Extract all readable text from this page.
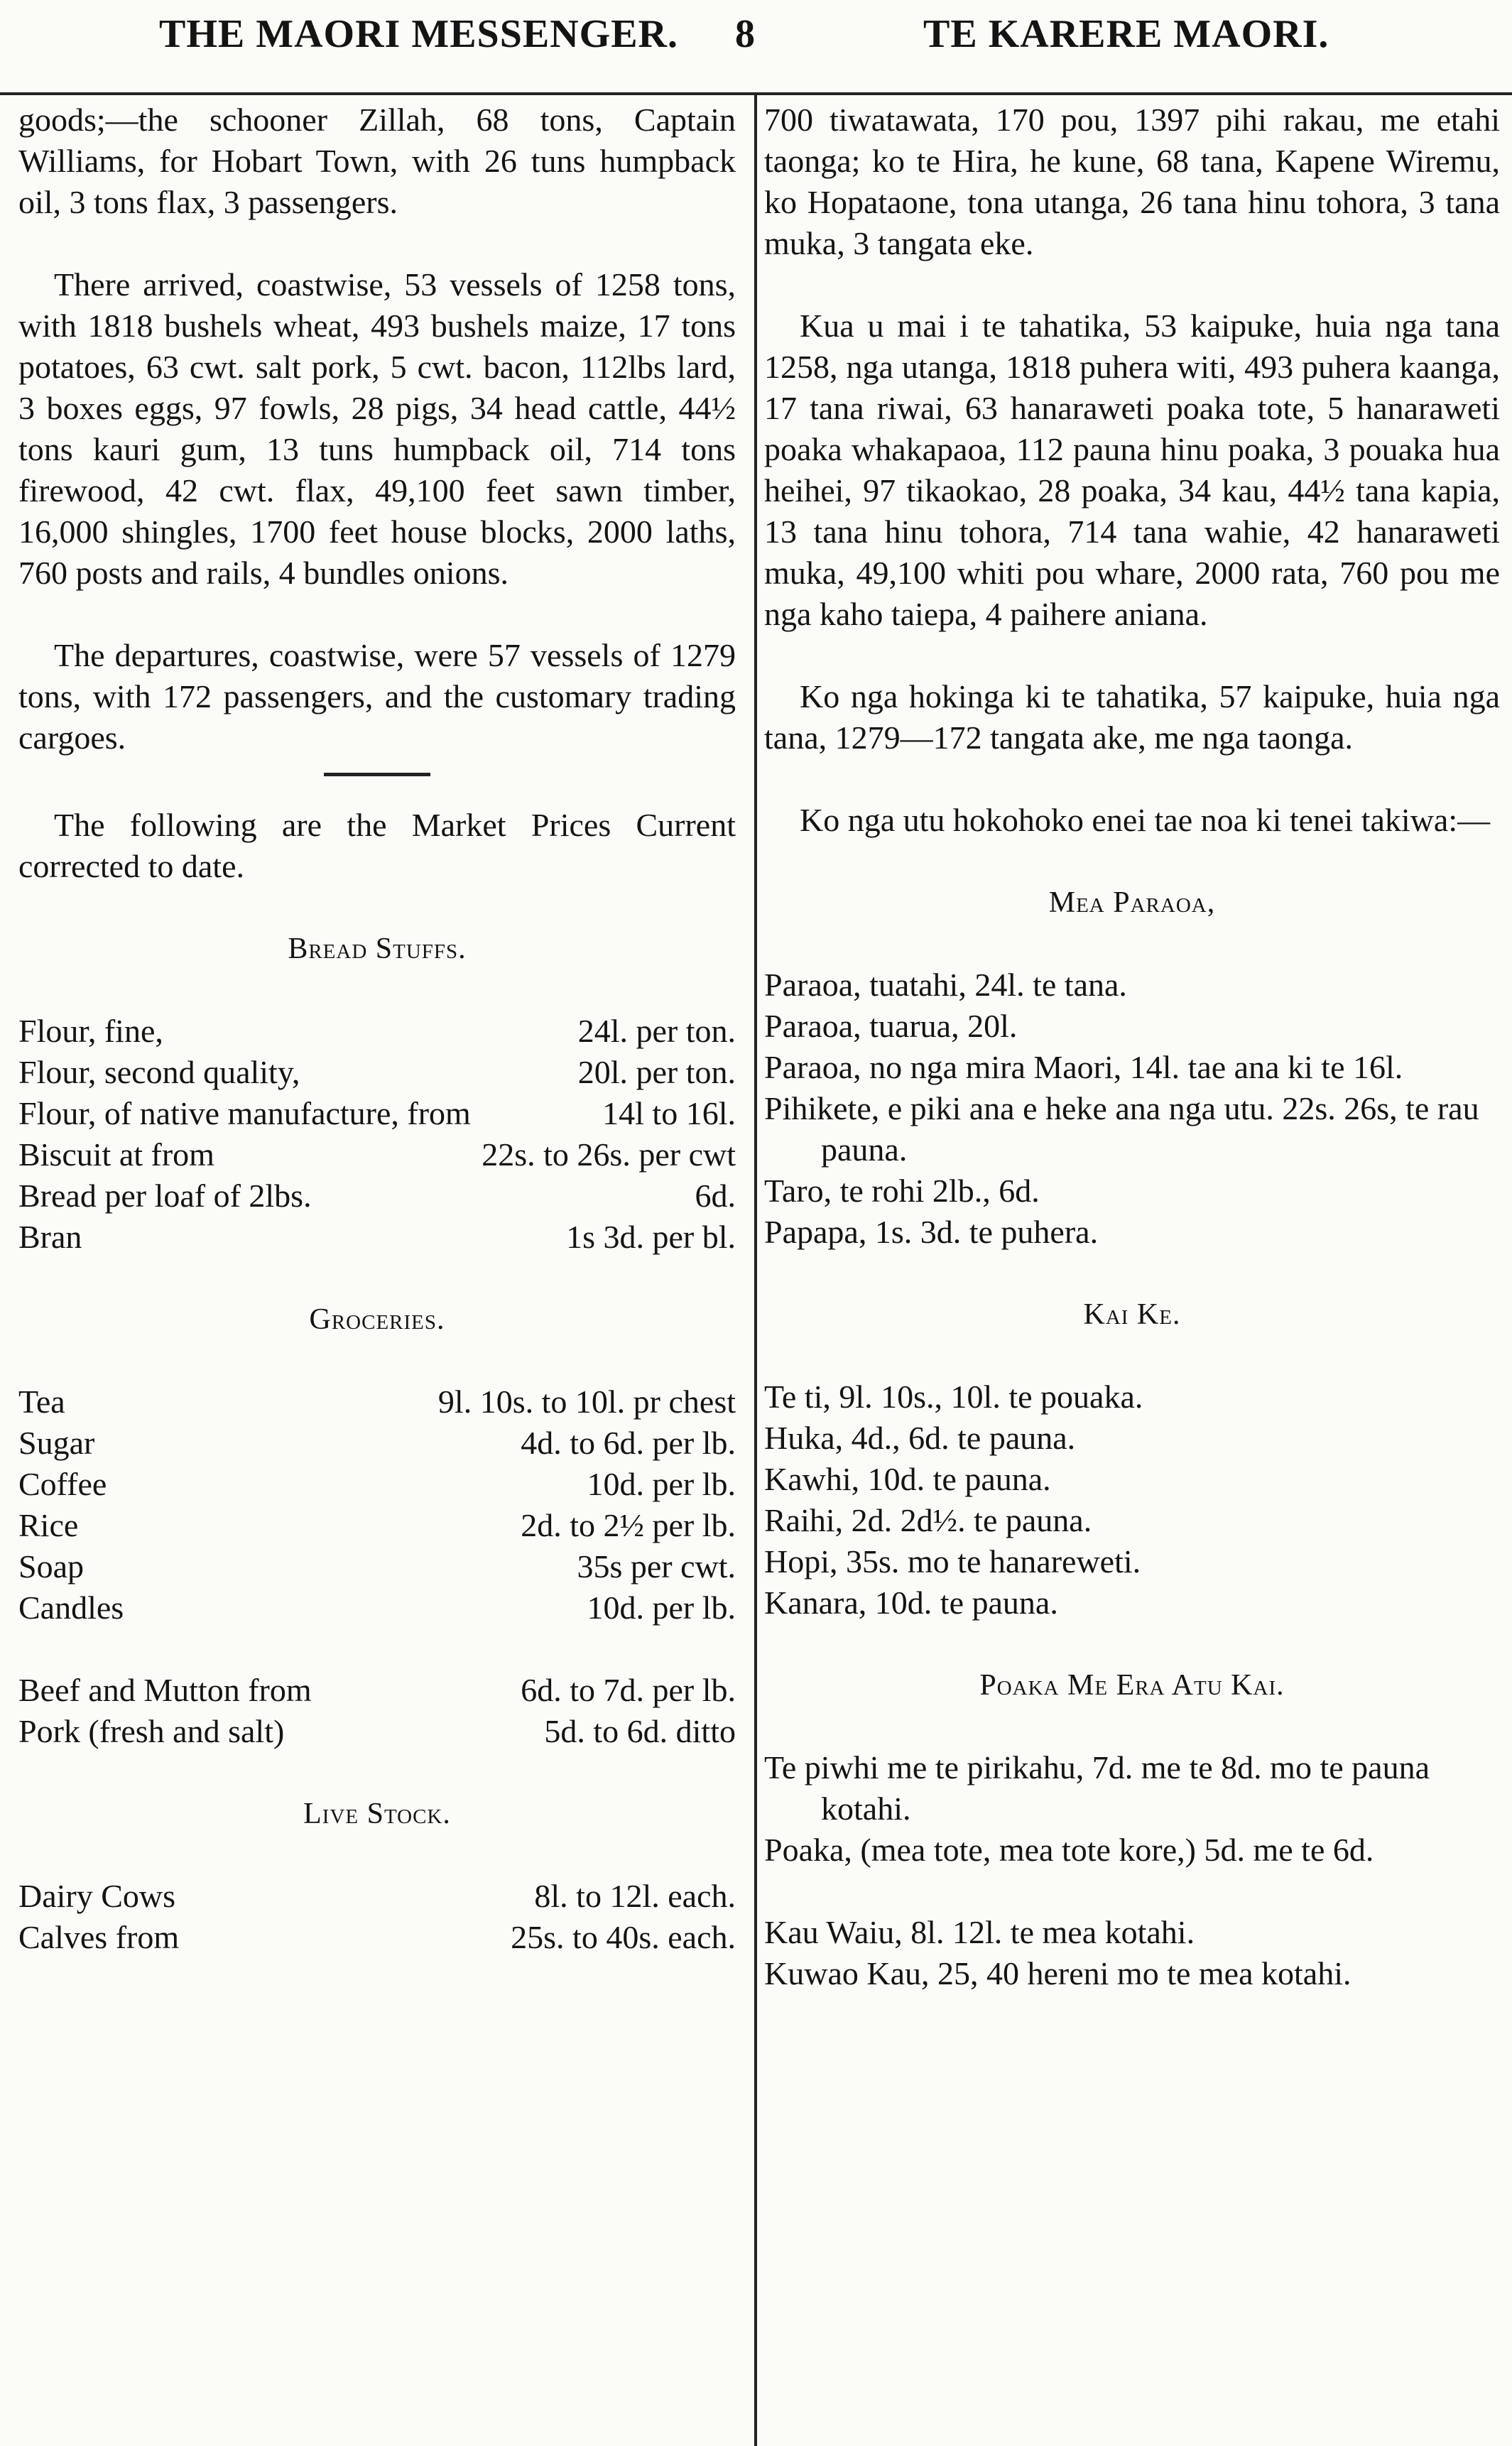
THE MAORI MESSENGER. 8	TE KARERE MAORI.

goods;—the schooner Zillah, 68 tons, Captain Williams, for Hobart Town, with 26 tuns humpback oil, 3 tons flax, 3 passengers.

There arrived, coastwise, 53 vessels of 1258 tons, with 1818 bushels wheat, 493 bushels maize, 17 tons potatoes, 63 cwt. salt pork, 5 cwt. bacon, 112lbs lard, 3 boxes eggs, 97 fowls, 28 pigs, 34 head cattle, 44½ tons kauri gum, 13 tuns humpback oil, 714 tons firewood, 42 cwt. flax, 49,100 feet sawn timber, 16,000 shingles, 1700 feet house blocks, 2000 laths, 760 posts and rails, 4 bundles onions.

The departures, coastwise, were 57 vessels of 1279 tons, with 172 passengers, and the customary trading cargoes.

The following are the Market Prices Current corrected to date.

Bread Stuffs.

Flour, fine,	24l. per ton.
Flour, second quality,	20l. per ton.
Flour, of native manufacture, from	14l to 16l.
Biscuit at from	22s. to 26s. per cwt
Bread per loaf of 2lbs.	6d.
Bran	1s 3d. per bl.

Groceries.

Tea	9l. 10s. to 10l. pr chest
Sugar	4d. to 6d. per lb.
Coffee	10d. per lb.
Rice	2d. to 2½ per lb.
Soap	35s per cwt.
Candles	10d. per lb.
Beef and Mutton from	6d. to 7d. per lb.
Pork (fresh and salt)	5d. to 6d. ditto

Live Stock.

Dairy Cows	8l. to 12l. each.
Calves from	25s. to 40s. each.

700 tiwatawata, 170 pou, 1397 pihi rakau, me etahi taonga; ko te Hira, he kune, 68 tana, Kapene Wiremu, ko Hopataone, tona utanga, 26 tana hinu tohora, 3 tana muka, 3 tangata eke.

Kua u mai i te tahatika, 53 kaipuke, huia nga tana 1258, nga utanga, 1818 puhera witi, 493 puhera kaanga, 17 tana riwai, 63 hanaraweti poaka tote, 5 hanaraweti poaka whakapaoa, 112 pauna hinu poaka, 3 pouaka hua heihei, 97 tikaokao, 28 poaka, 34 kau, 44½ tana kapia, 13 tana hinu tohora, 714 tana wahie, 42 hanaraweti muka, 49,100 whiti pou whare, 2000 rata, 760 pou me nga kaho taiepa, 4 paihere aniana.

Ko nga hokinga ki te tahatika, 57 kaipuke, huia nga tana, 1279—172 tangata ake, me nga taonga.

Ko nga utu hokohoko enei tae noa ki tenei takiwa:—

Mea Paraoa,

Paraoa, tuatahi, 24l. te tana.

Paraoa, tuarua, 20l.

Paraoa, no nga mira Maori, 14l. tae ana ki te 16l.

Pihikete, e piki ana e heke ana nga utu. 22s. 26s, te rau pauna.

Taro, te rohi 2lb., 6d.

Papapa, 1s. 3d. te puhera.

Kai Ke.

Te ti, 9l. 10s., 10l. te pouaka.

Huka, 4d., 6d. te pauna.

Kawhi, 10d. te pauna.

Raihi, 2d. 2d½. te pauna.

Hopi, 35s. mo te hanareweti.

Kanara, 10d. te pauna.

Poaka Me Era Atu Kai.

Te piwhi me te pirikahu, 7d. me te 8d. mo te pauna kotahi.

Poaka, (mea tote, mea tote kore,) 5d. me te 6d.

Kau Waiu, 8l. 12l. te mea kotahi.

Kuwao Kau, 25, 40 hereni mo te mea kotahi.
